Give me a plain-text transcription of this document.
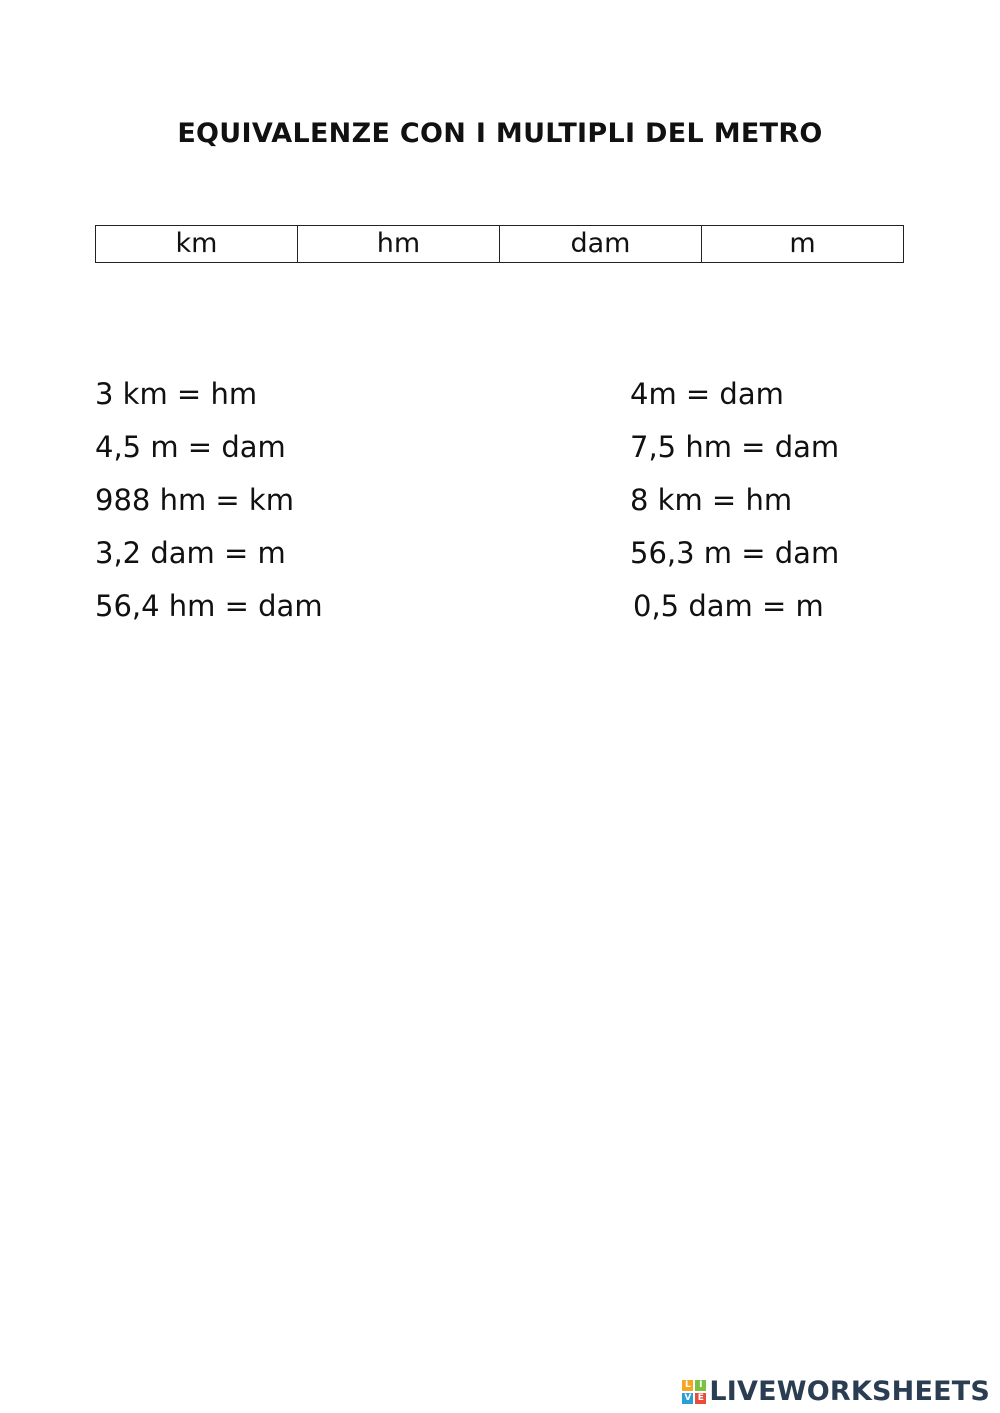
EQUIVALENZE CON I MULTIPLI DEL METRO
km	hm	dam	m
3 km = hm
4,5 m = dam
988 hm = km
3,2 dam = m
56,4 hm = dam
4m = dam
7,5 hm = dam
8 km = hm
56,3 m = dam
0,5 dam = m
L I
V E LIVEWORKSHEETS
